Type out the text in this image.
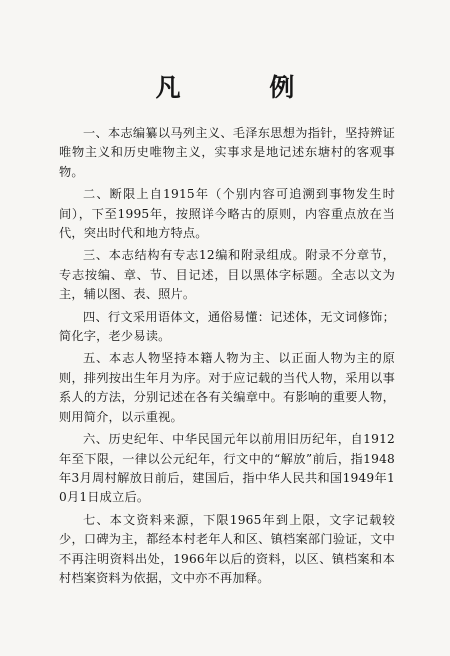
凡 例

一、本志编纂以马列主义、毛泽东思想为指针，坚持辨证唯物主义和历史唯物主义，实事求是地记述东塘村的客观事物。

二、断限上自1915年（个别内容可追溯到事物发生时间），下至1995年，按照详今略古的原则，内容重点放在当代，突出时代和地方特点。

三、本志结构有专志12编和附录组成。附录不分章节，专志按编、章、节、目记述，目以黑体字标题。全志以文为主，辅以图、表、照片。

四、行文采用语体文，通俗易懂：记述体，无文词修饰；简化字，老少易读。

五、本志人物坚持本籍人物为主、以正面人物为主的原则，排列按出生年月为序。对于应记载的当代人物，采用以事系人的方法，分别记述在各有关编章中。有影响的重要人物，则用简介，以示重视。

六、历史纪年、中华民国元年以前用旧历纪年，自1912年至下限，一律以公元纪年，行文中的“解放”前后，指1948年3月周村解放日前后，建国后，指中华人民共和国1949年10月1日成立后。

七、本文资料来源，下限1965年到上限，文字记载较少，口碑为主，都经本村老年人和区、镇档案部门验证，文中不再注明资料出处，1966年以后的资料，以区、镇档案和本村档案资料为依据，文中亦不再加释。
